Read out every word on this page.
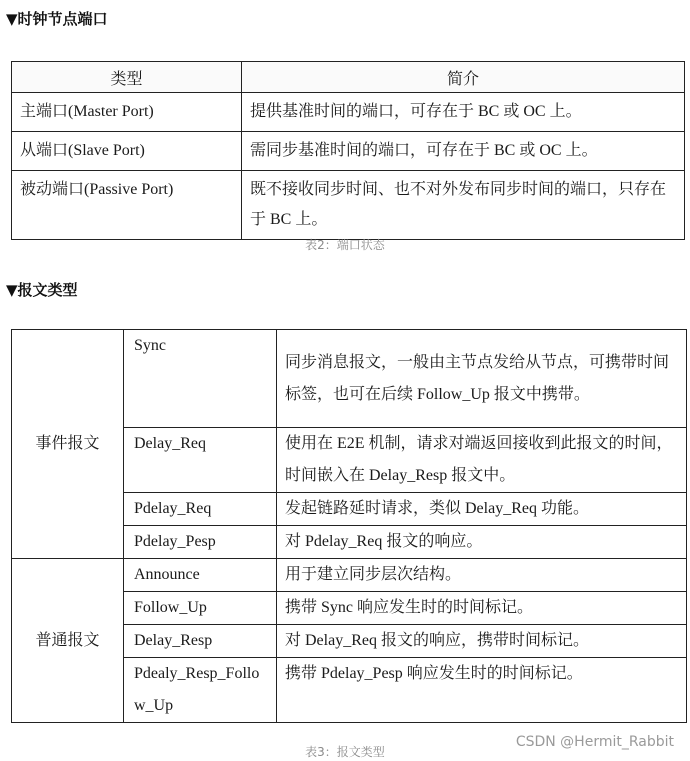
▼时钟节点端口
类型	简介
主端口(Master Port)	提供基准时间的端口，可存在于 BC 或 OC 上。
从端口(Slave Port)	需同步基准时间的端口，可存在于 BC 或 OC 上。
被动端口(Passive Port)	既不接收同步时间、也不对外发布同步时间的端口，只存在于 BC 上。
表2：端口状态
▼报文类型
事件报文	Sync	同步消息报文，一般由主节点发给从节点，可携带时间标签，也可在后续 Follow_Up 报文中携带。
	Delay_Req	使用在 E2E 机制，请求对端返回接收到此报文的时间，时间嵌入在 Delay_Resp 报文中。
	Pdelay_Req	发起链路延时请求，类似 Delay_Req 功能。
	Pdelay_Pesp	对 Pdelay_Req 报文的响应。
普通报文	Announce	用于建立同步层次结构。
	Follow_Up	携带 Sync 响应发生时的时间标记。
	Delay_Resp	对 Delay_Req 报文的响应，携带时间标记。
	Pdealy_Resp_Follow_Up	携带 Pdelay_Pesp 响应发生时的时间标记。
表3：报文类型
CSDN @Hermit_Rabbit
